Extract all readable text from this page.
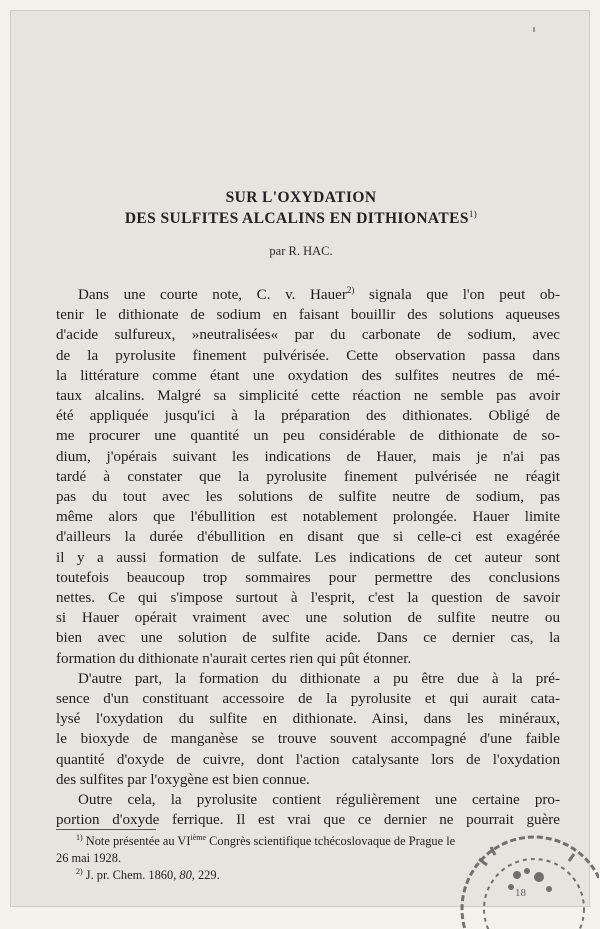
SUR L'OXYDATION
DES SULFITES ALCALINS EN DITHIONATES$^{1)}$
par R. HAC.
Dans une courte note, C. v. Hauer$^{2)}$ signala que l'on peut ob-
tenir le dithionate de sodium en faisant bouillir des solutions aqueuses
d'acide sulfureux, »neutralisées« par du carbonate de sodium, avec
de la pyrolusite finement pulvérisée. Cette observation passa dans
la littérature comme étant une oxydation des sulfites neutres de mé-
taux alcalins. Malgré sa simplicité cette réaction ne semble pas avoir
été appliquée jusqu'ici à la préparation des dithionates. Obligé de
me procurer une quantité un peu considérable de dithionate de so-
dium, j'opérais suivant les indications de Hauer, mais je n'ai pas
tardé à constater que la pyrolusite finement pulvérisée ne réagit
pas du tout avec les solutions de sulfite neutre de sodium, pas
même alors que l'ébullition est notablement prolongée. Hauer limite
d'ailleurs la durée d'ébullition en disant que si celle-ci est exagérée
il y a aussi formation de sulfate. Les indications de cet auteur sont
toutefois beaucoup trop sommaires pour permettre des conclusions
nettes. Ce qui s'impose surtout à l'esprit, c'est la question de savoir
si Hauer opérait vraiment avec une solution de sulfite neutre ou
bien avec une solution de sulfite acide. Dans ce dernier cas, la
formation du dithionate n'aurait certes rien qui pût étonner.
D'autre part, la formation du dithionate a pu être due à la pré-
sence d'un constituant accessoire de la pyrolusite et qui aurait cata-
lysé l'oxydation du sulfite en dithionate. Ainsi, dans les minéraux,
le bioxyde de manganèse se trouve souvent accompagné d'une faible
quantité d'oxyde de cuivre, dont l'action catalysante lors de l'oxydation
des sulfites par l'oxygène est bien connue.
Outre cela, la pyrolusite contient régulièrement une certaine pro-
portion d'oxyde ferrique. Il est vrai que ce dernier ne pourrait guère
$^{1)}$ Note présentée au VIième Congrès scientifique tchécoslovaque de Prague le
26 mai 1928.
$^{2)}$ J. pr. Chem. 1860, 80, 229.
18
